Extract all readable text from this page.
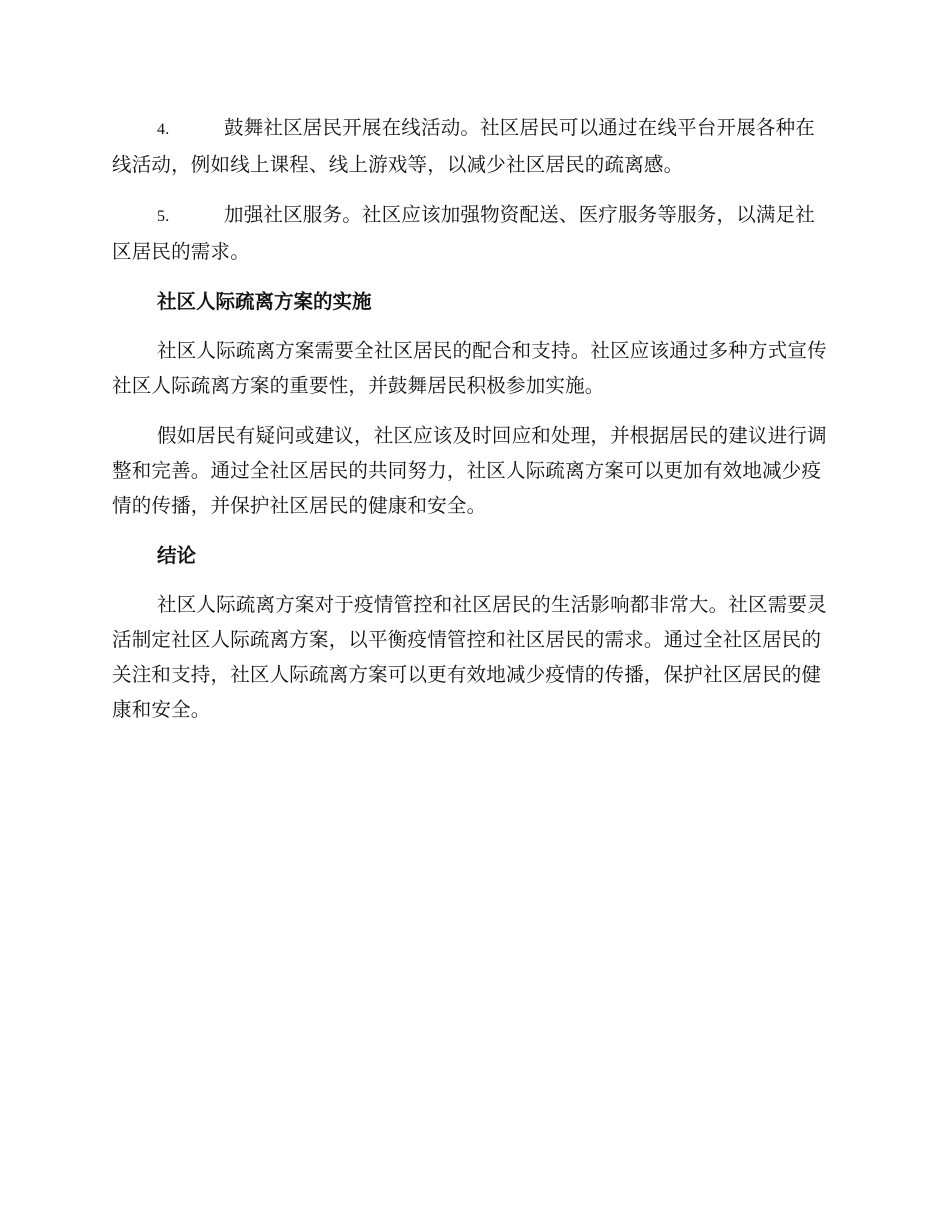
4.	鼓舞社区居民开展在线活动。社区居民可以通过在线平台开展各种在线活动，例如线上课程、线上游戏等，以减少社区居民的疏离感。

5.	加强社区服务。社区应该加强物资配送、医疗服务等服务，以满足社区居民的需求。

社区人际疏离方案的实施

社区人际疏离方案需要全社区居民的配合和支持。社区应该通过多种方式宣传社区人际疏离方案的重要性，并鼓舞居民积极参加实施。

假如居民有疑问或建议，社区应该及时回应和处理，并根据居民的建议进行调整和完善。通过全社区居民的共同努力，社区人际疏离方案可以更加有效地减少疫情的传播，并保护社区居民的健康和安全。

结论

社区人际疏离方案对于疫情管控和社区居民的生活影响都非常大。社区需要灵活制定社区人际疏离方案，以平衡疫情管控和社区居民的需求。通过全社区居民的关注和支持，社区人际疏离方案可以更有效地减少疫情的传播，保护社区居民的健康和安全。
